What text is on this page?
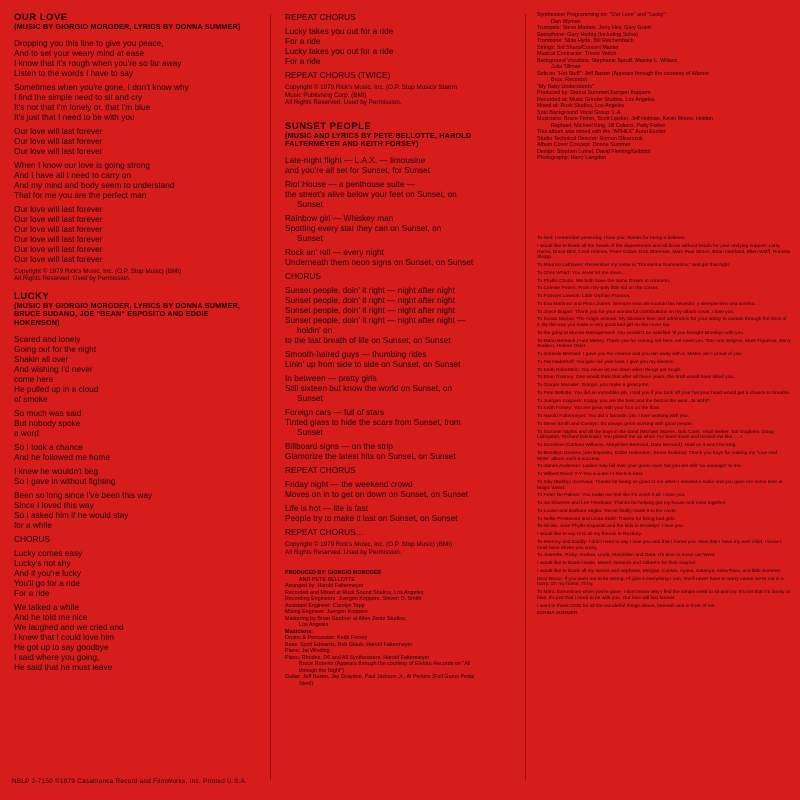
OUR LOVE

(MUSIC BY GIORGIO MORODER, LYRICS BY DONNA SUMMER)

Dropping you this line to give you peace,
And to set your weary mind at ease
I know that it's rough when you're so far away
Listen to the words I have to say
Sometimes when you're gone, I don't know why
I find the simple need to sit and cry
It's not that I'm lonely or, that I'm blue
It's just that I need to be with you
Our love will last forever
Our love will last forever
Our love will last forever
When I know our love is going strong
And I have all I need to carry on
And my mind and body seem to understand
That for me you are the perfect man
Our love will last forever
Our love will last forever
Our love will last forever
Our love will last forever
Our love will last forever
Our love will last forever
Copyright © 1979 Rick's Music, Inc. (O.P. Stop Music) (BMI)
All Rights Reserved. Used by Permission.

LUCKY

(MUSIC BY GIORGIO MORODER, LYRICS BY DONNA SUMMER, BRUCE SUDANO, JOE "BEAN" ESPOSITO AND EDDIE HOKENSON)

Scared and lonely
Going out for the night
Shakin all over
And wishing I'd never
come here
He pulled up in a cloud
of smoke
So much was said
But nobody spoke
a word
So I took a chance
And he followed me home
I knew he wouldn't beg
So I gave in without fighting
Been so long since I've been this way
Since I loved this way
So I asked him if he would stay
for a while
CHORUS
Lucky comes easy
Lucky's not shy
And if you're lucky
You'll go for a ride
For a ride
We talked a while
And he told me nice
We laughed and we cried and
I knew that I could love him
He got up to say goodbye
I said where you going,
He said that he must leave
REPEAT CHORUS
Lucky takes you out for a ride
For a ride
Lucky takes you out for a ride
For a ride
REPEAT CHORUS (TWICE)
Copyright © 1979 Rick's Music, Inc. (O.P. Stop Music)/ Starrin
Music Publishing Corp. (BMI)
All Rights Reserved. Used by Permission.

SUNSET PEOPLE

(MUSIC AND LYRICS BY PETE BELLOTTE, HAROLD FALTERMEYER AND KEITH FORSEY)

Late-night flight — L.A.X. — limousine
and you're all set for Sunset, for Sunset
Riot House — a penthouse suite —
the street's alive below your feet on Sunset, on
Sunset
Rainbow girl — Whiskey man
Spotting every star they can on Sunset, on
Sunset
Rock an' roll — every night
Underneath them neon signs on Sunset, on Sunset
CHORUS
Sunset people, doin' it right — night after night
Sunset people, doin' it right — night after night
Sunset people, doin' it right — night after night
Sunset people, doin' it right — night after night —
holdin' on
to the last breath of life on Sunset, on Sunset
Smooth-haired guys — thumbing rides
Linin' up from side to side on Sunset, on Sunset
In between — pretty girls
Still sixteen but know the world on Sunset, on
Sunset
Foreign cars — full of stars
Tinted glass to hide the scars from Sunset, from
Sunset
Billboard signs — on the strip
Glamorize the latest hits on Sunset, on Sunset
REPEAT CHORUS
Friday night — the weekend crowd
Moves on in to get on down on Sunset, on Sunset
Life is hot — life is fast
People try to make it last on Sunset, on Sunset
REPEAT CHORUS...
Copyright © 1979 Rick's Music, Inc. (O.P. Stop Music) (BMI)
All Rights Reserved. Used by Permission.
PRODUCED BY: GIORGIO MORODER
AND PETE BELLOTTE
Arranged by: Harold Faltermeyer
Recorded and Mixed at Rusk Sound Studios, Los Angeles
Recording Engineers: Juergen Koppers, Steven D. Smith
Assistant Engineer: Carolyn Tapp
Mixing Engineer: Juergen Koppers
Mastering by Brian Gardner at Allen Zentz Studios,
Los Angeles
Musicians:
Drums & Percussion: Keith Forsey
Bass: Scott Edwards, Bob Glaub, Harold Faltermeyer
Piano: Jai Winding
Piano, Rhodes, D6 and All Synthesizers: Harold Faltermeyer
Bruce Roberts (Appears through the courtesy of Elektra Records on "All
through the Night")
Guitar: Jeff Baxter, Jay Graydon, Paul Jackson Jr., Al Perkins (Full Gurus Pedal
Steel)
Synthesizer Programming on: "Our Love" and "Lucky":
Dan Wyman
Trumpets: Steve Madaio, Jerry Hey, Gary Grant
Saxophone: Gary Herbig (Including Solos)
Trombone: Slide Hyde, Bill Reichenbach
Strings: Sid Sharp/Concert Master
Musical Contractor: Trevor Veitch
Background Vocalists: Stephanie Spruill, Maxine L. Willard,
Julia Tillman
Solo on "Hot Stuff": Jeff Baxter (Appears through the courtesy of Warner
Bros. Records)
"My Baby Understands"
Produced by: Donna Summer/Juergen Koppers
Recorded at: Music Grinder Studios, Los Angeles
Mixed at: Rusk Studios, Los Angeles
Solo Background Vocal Group: L.A.
Musicians: Bruce Fisher, Scott Lipsker, Jeff Holman, Kevin Moore, Holden
Raphael, Michael King, Jill Colucci, Patty Fisher
This album was mixed with the "APHEX" Aural Exciter
Studio Technical Director: Roman Olearczuk
Album Cover Concept: Donna Summer
Design: Stephen Lumel, David Fleming/Gribbitt!
Photography: Harry Langdon

To Neil: I remember yesterday I love you, thanks for being a believer.

I would like to thank all the heads of the departments and all those without heads for your undying support: Larry Harris, Bruce Bird, Cecil Holmes, Peter Guber, Dick Sherman, Marc Paul Simon, Brian Interland, Ellen Wolff, Roberta Skopp.

To Maurice Lathower: Remember my name is "Donnerina Summerina," and get that right.

To Chris Wharf: You never let me down.

To Phyllis Chotin: We both have the same Dream in common.

To Celeste Peters: From roly-poly little kid on the corner.

To Frances Lawson: Little Orphan Frances.

To Eva Martinez and Pina Linares: Siempre esta ahi cuando las necesito, y siempre tren una sonrisa.

To Joyce Bogart: Thank you for your wonderful contributions on my album cover. I love you.

To Susan Munao: The magic woman. My absolute love and admiration for your ability to sustain through the thick of it. By the way you make a very good bad girl on the cover too.

To the gang at Munao Management: You wouldn't be satisfied 'til you brought Brooklyn with you.

To Mario Bernanti (Aunt Marie): Thank you for coming out here, we need you. Toni Ann Selgros, Mark Figueroa, Barry Sudano, Helene Oster.

To Gerardo Bernard: I gave you the chance and you ran away with it. Mister, am I proud of you.

To Pat Naderhoff: You give me your love, I give you my sincere.

To Keith Robertson: You never let me down when things get rough.

To Brian Rooney: One would think that after all these years, the draft would have killed you.

To Giorgio Moroder: Giorgio, you make a great john.

To Pete Bellotte: You did an incredible job, I told you if you took off your hat your head would get a chance to breathe.

To Juergen Koppers: Koppy, you are the best and the best is the west. Ja wohl?

To Keith Forsey: You are great with your foot on the floor.

To Harold Faltermeyer: You did a fantastic job. I love working with you.

To Steve Smith and Carolyn: It's always great working with good people.

To Summer Nights and all the boys in the band (Michael Warren, Bob Conti, Virgil Weber, Sal Gugliano, Doug Livingston, Richard Edelman): You picked me up when I've been down and treated me like......!

To Sunshine (Carlena Williams, MaryEllen Bertrand, Dara Bernard): Hold on it won't be long.

To Brooklyn Dreams (Joe Esposito, Eddie Hokenson, Bruce Sudano): Thank you boys for making my "Live And More" album such a success.

To James Anderson: Ladies may fall over your green eyes but you are still "au sausage" to me.

To Wilbert Reed: Y-Y-You a-a-are t-t-the b-b-best.

To Inky (Bobby) Incorvaia: Thanks for being so good to me when I needed a sudio and you gave me some time at Magic Wand.

To Peter De Palmer: You make me feel like it's worth it all. I love you.

To Jai Silverme and Lee Friedman: Thanks for helping get my house and mind together.

To Louise and Barbara Veglia: You've finally made it to the cover.

To Nellie Prestwood and Linda Stahl: Thanks for being bad girls.

To Nicole, Jose Phyllis Esposito and the kids in Brooklyn: I love you.

I would like to say hi to all my friends in Roxbury.

To Mummy and Daddy: I don't need to say I love you and that I honor you. Now that I have my own child, I know I must have driven you crazy.

To Jeanette, Ricky, Andrea, Linda, MaryEllen and Dara: It's time to move out West.

I would like to thank Howie, Mozel, Gerardo and Gilbert's for their support.

I would like to thank all my nieces and nephews, Morgan, Corwin, Ayana, Katanya, Asha Ruru, and little Summer.

Dear Bruce: If you want me to be strong, I'll give it everything I can. You'll never have to worry cause we're not in a hurry. On my honor, I'll try.

To Mimi: Sometimes when you're gone, I don't know why I find the simple need to sit and cry. It's not that I'm lonely or blue, it's just that I need to be with you. Our love will last forever.

I want to thank GOD for all the wonderful things above, beneath and in front of me.

DONNA SUMMER

NBLP 2-7150 ©1979 Casablanca Record and FilmWorks, Inc. Printed U.S.A.
